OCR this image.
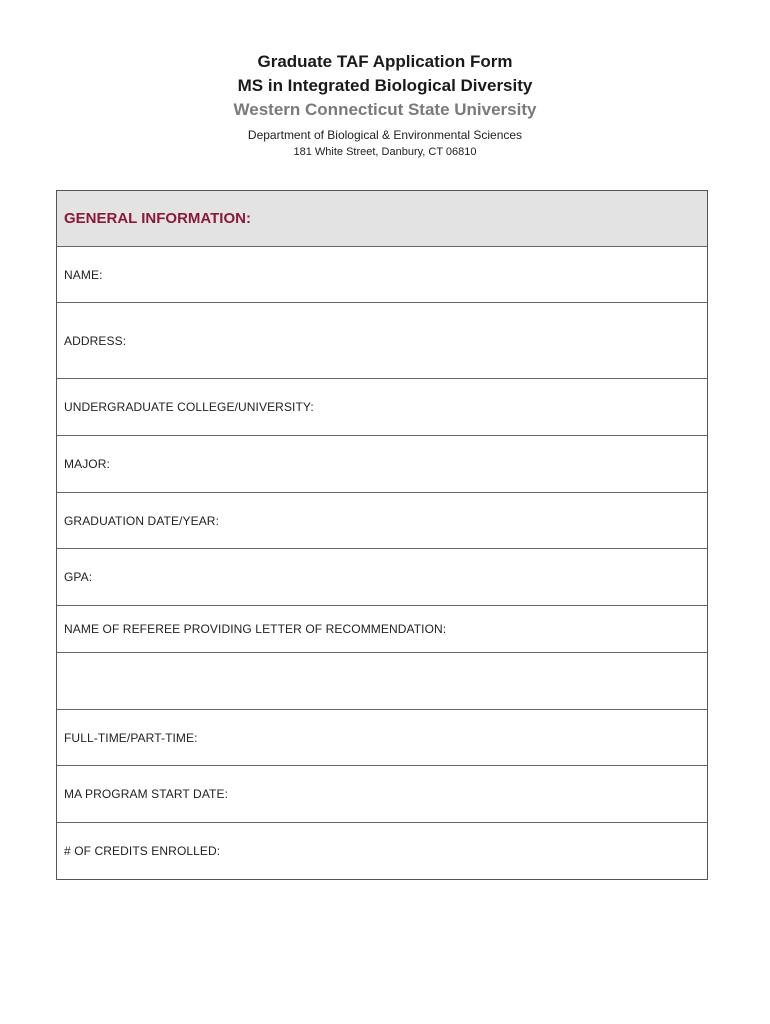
Graduate TAF Application Form
MS in Integrated Biological Diversity
Western Connecticut State University
Department of Biological & Environmental Sciences
181 White Street, Danbury, CT 06810
GENERAL INFORMATION:
NAME:
ADDRESS:
UNDERGRADUATE COLLEGE/UNIVERSITY:
MAJOR:
GRADUATION DATE/YEAR:
GPA:
NAME OF REFEREE PROVIDING LETTER OF RECOMMENDATION:
FULL-TIME/PART-TIME:
MA PROGRAM START DATE:
# OF CREDITS ENROLLED:
